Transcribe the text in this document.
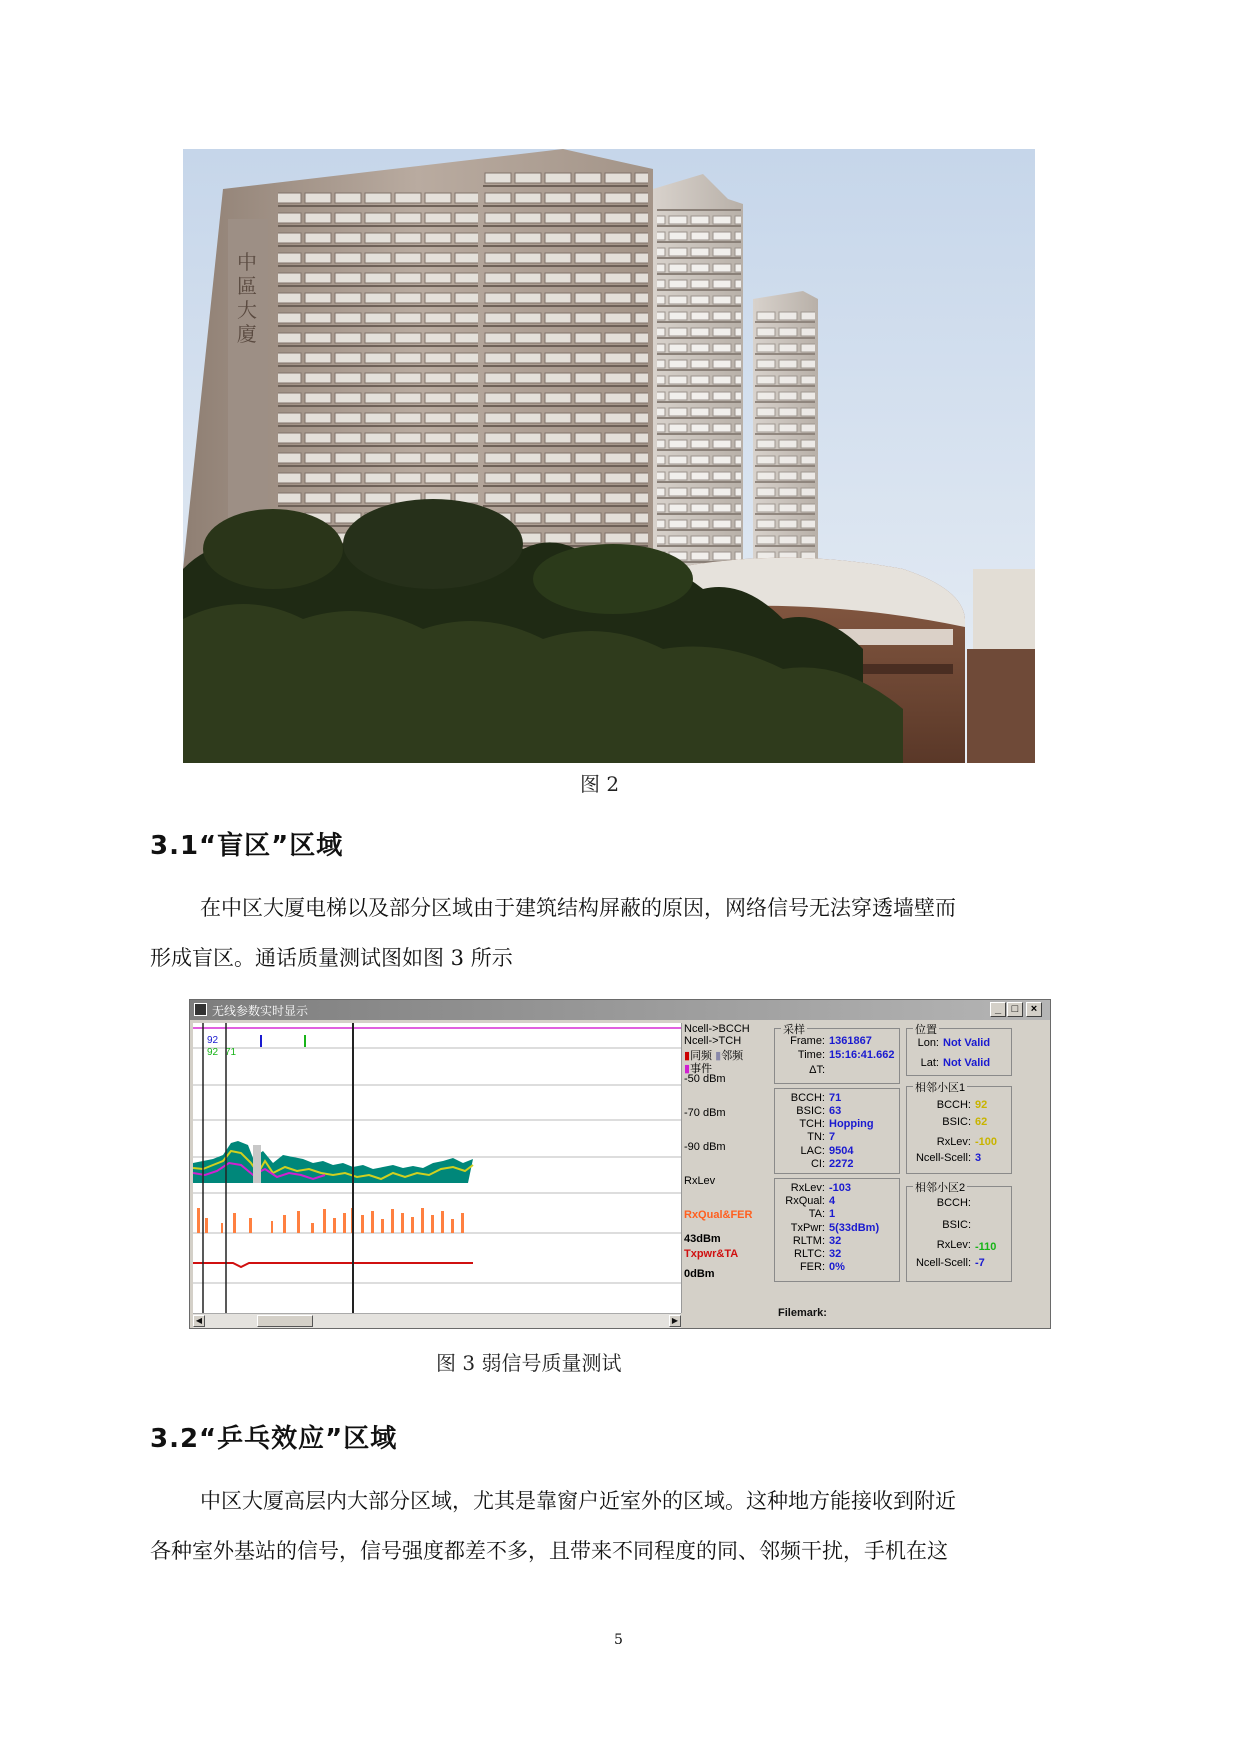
中區大廈
图 2
3.1“盲区”区域

在中区大厦电梯以及部分区域由于建筑结构屏蔽的原因，网络信号无法穿透墙壁而

形成盲区。通话质量测试图如图 3 所示

无线参数实时显示	_ □	×
92
92 71
◀	▶
Ncell->BCCH
Ncell->TCH
▮同频 ▮邻频
▮事件
-50 dBm
-70 dBm
-90 dBm
RxLev
RxQual&FER
43dBm
Txpwr&TA
0dBm
采样
Frame: 1361867
Time: 15:16:41.662
ΔT:
BCCH: 71
BSIC: 63
TCH: Hopping
TN: 7
LAC: 9504
CI: 2272
RxLev: -103
RxQual: 4
TA: 1
TxPwr: 5(33dBm)
RLTM: 32
RLTC: 32
FER: 0%
Filemark:
位置
Lon: Not Valid
Lat: Not Valid
相邻小区1
BCCH: 92
BSIC: 62
RxLev: -100
Ncell-Scell: 3
相邻小区2
BCCH:
BSIC:
RxLev: -110
Ncell-Scell: -7
图 3 弱信号质量测试
3.2“乒乓效应”区域

中区大厦高层内大部分区域，尤其是靠窗户近室外的区域。这种地方能接收到附近

各种室外基站的信号，信号强度都差不多，且带来不同程度的同、邻频干扰，手机在这

5
